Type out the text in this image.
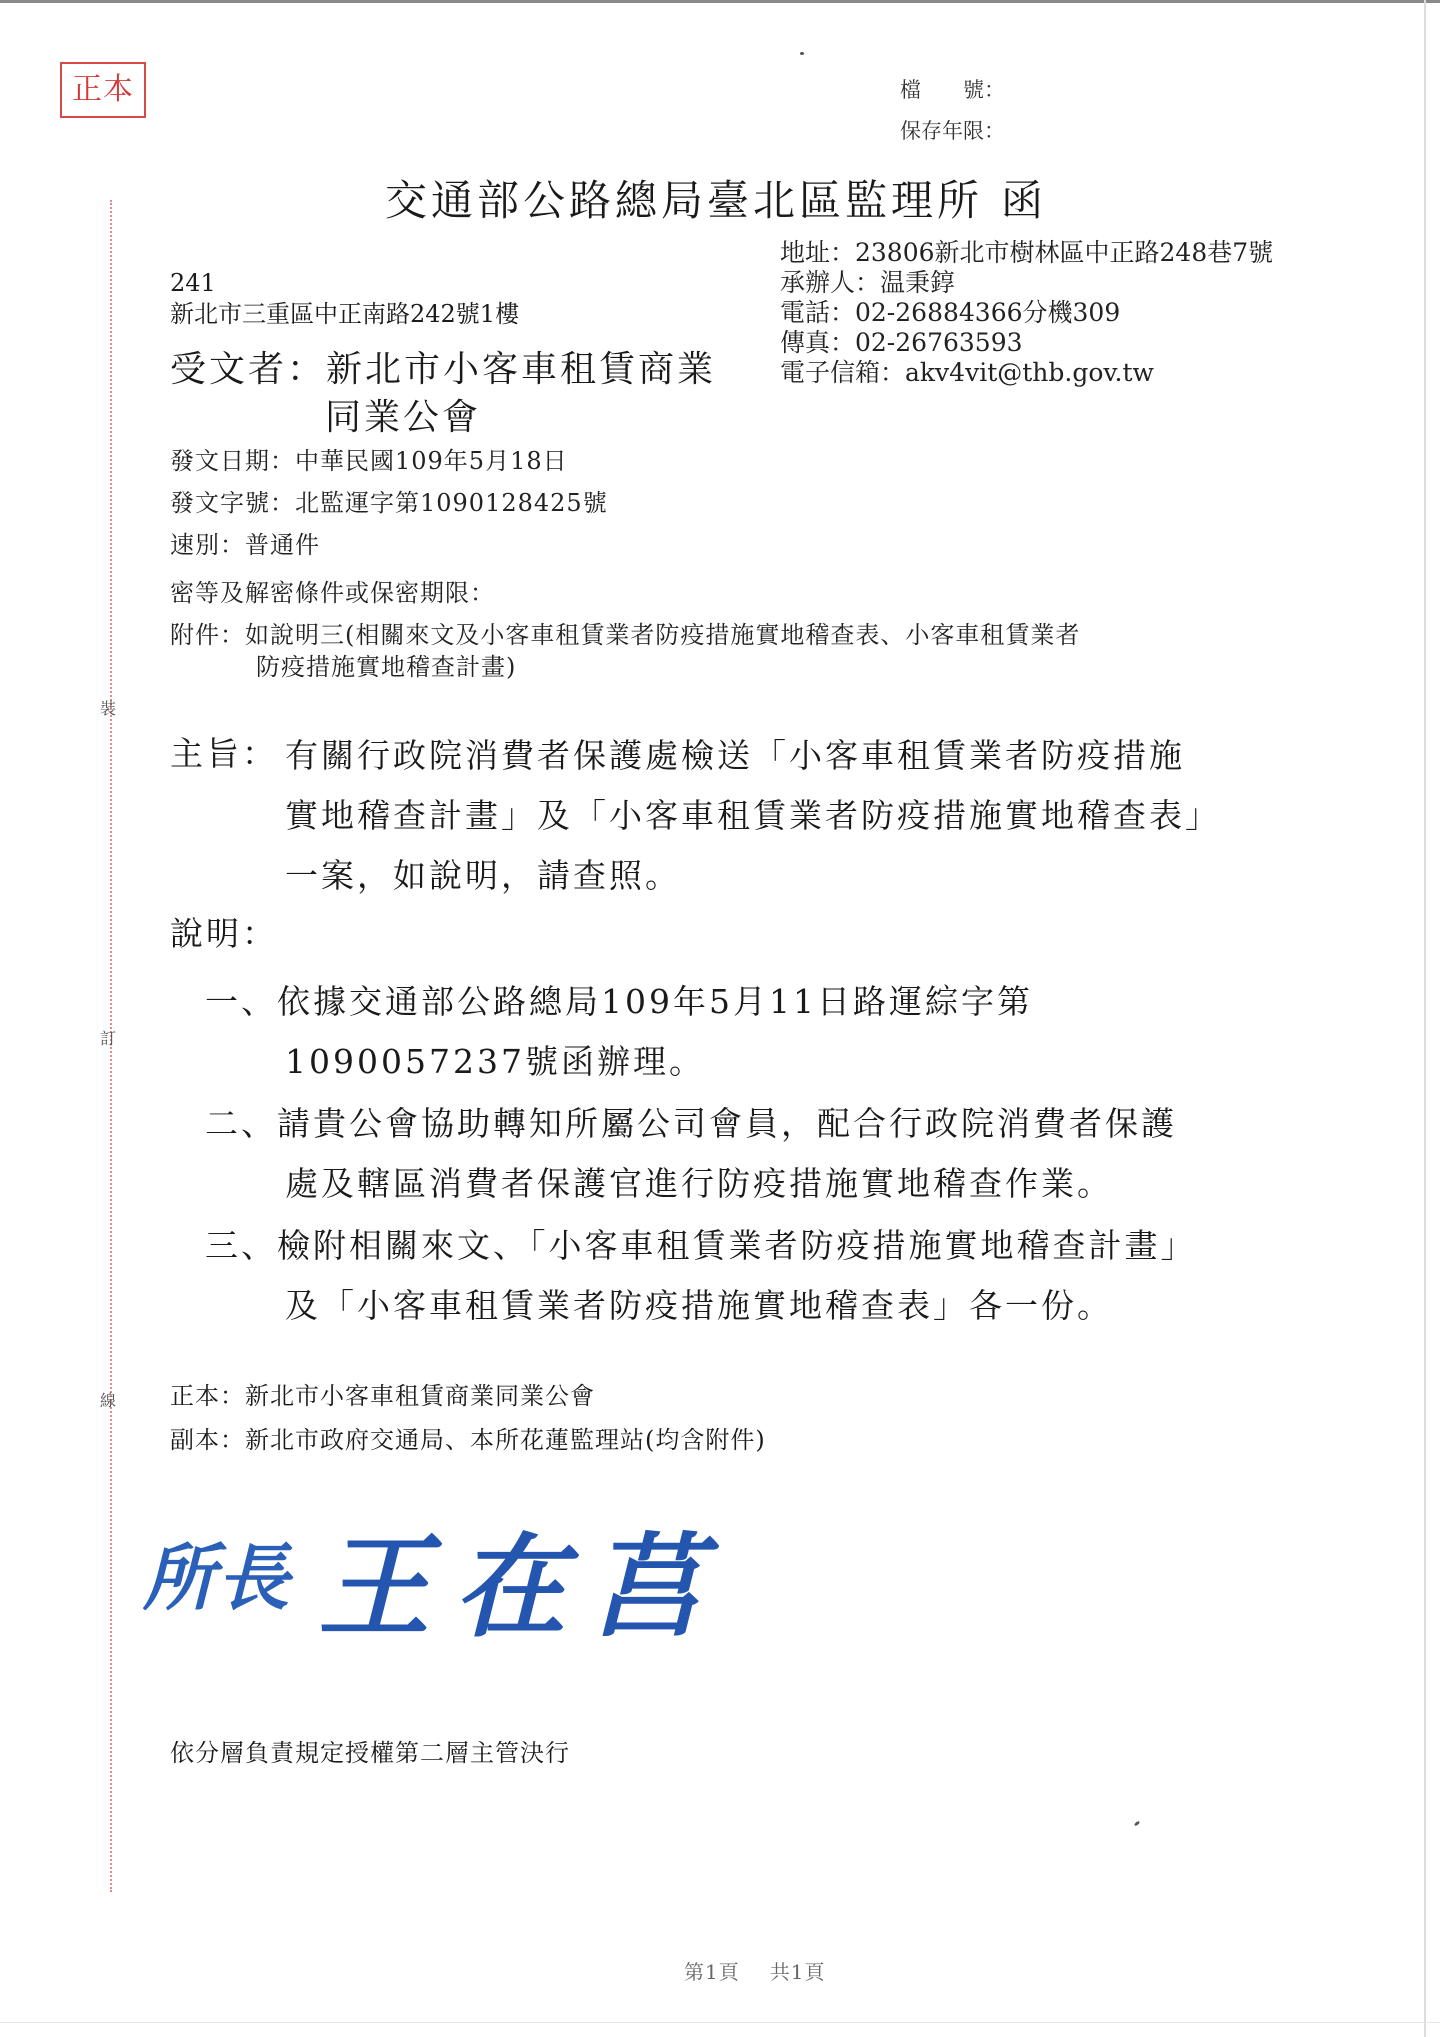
正本	檔　　號：
保存年限：
交通部公路總局臺北區監理所 函
地址：23806新北市樹林區中正路248巷7號
承辦人：温秉錞
電話：02-26884366分機309
傳真：02-26763593
電子信箱：akv4vit@thb.gov.tw
241
新北市三重區中正南路242號1樓
受文者：新北市小客車租賃商業
同業公會
發文日期：中華民國109年5月18日
發文字號：北監運字第1090128425號
速別：普通件
密等及解密條件或保密期限：
附件：如說明三(相關來文及小客車租賃業者防疫措施實地稽查表、小客車租賃業者
防疫措施實地稽查計畫)
主旨： 有關行政院消費者保護處檢送「小客車租賃業者防疫措施
實地稽查計畫」及「小客車租賃業者防疫措施實地稽查表」
一案，如說明，請查照。
說明：
一、依據交通部公路總局109年5月11日路運綜字第
1090057237號函辦理。
二、請貴公會協助轉知所屬公司會員，配合行政院消費者保護
處及轄區消費者保護官進行防疫措施實地稽查作業。
三、檢附相關來文、「小客車租賃業者防疫措施實地稽查計畫」
及「小客車租賃業者防疫措施實地稽查表」各一份。
正本：新北市小客車租賃商業同業公會
副本：新北市政府交通局、本所花蓮監理站(均含附件)
所長 王在莒
依分層負責規定授權第二層主管決行
第1頁 共1頁
裝
訂
線
